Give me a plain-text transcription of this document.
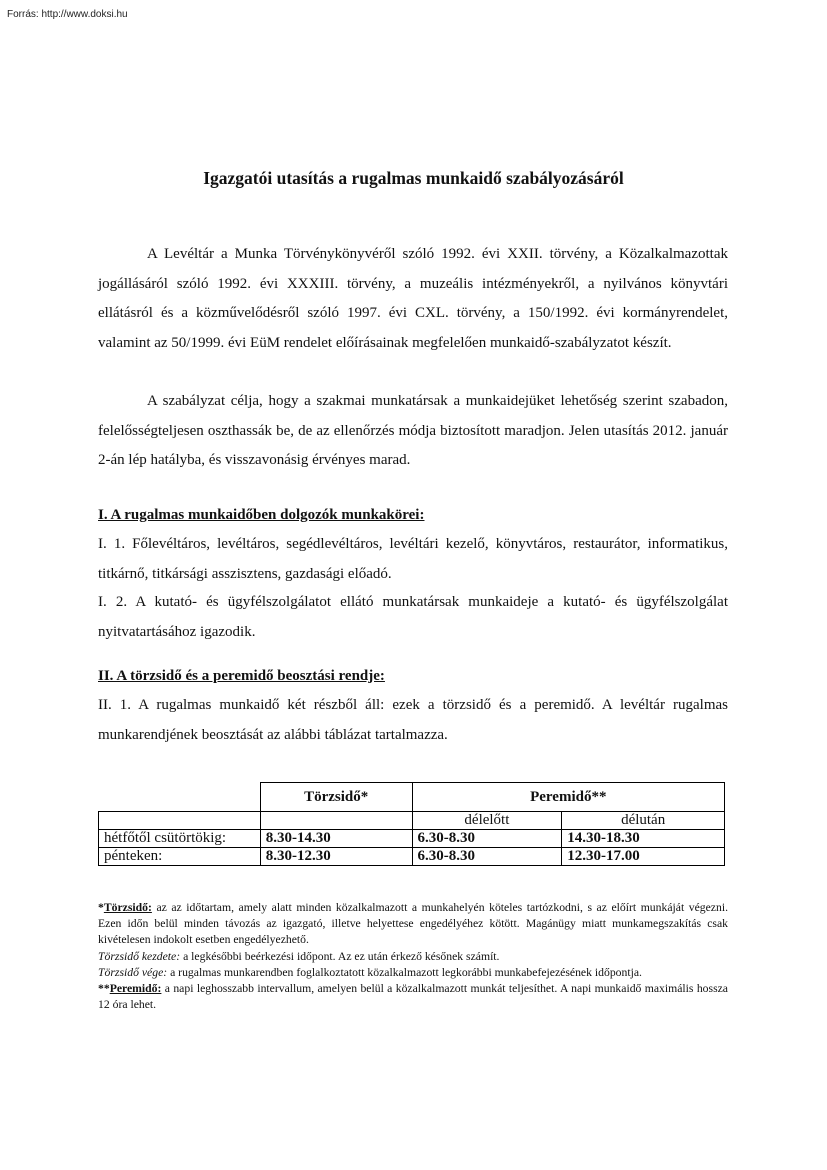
Forrás: http://www.doksi.hu
Igazgatói utasítás a rugalmas munkaidő szabályozásáról
A Levéltár a Munka Törvénykönyvéről szóló 1992. évi XXII. törvény, a Közalkalmazottak jogállásáról szóló 1992. évi XXXIII. törvény, a muzeális intézményekről, a nyilvános könyvtári ellátásról és a közművelődésről szóló 1997. évi CXL. törvény, a 150/1992. évi kormányrendelet, valamint az 50/1999. évi EüM rendelet előírásainak megfelelően munkaidő-szabályzatot készít.
A szabályzat célja, hogy a szakmai munkatársak a munkaidejüket lehetőség szerint szabadon, felelősségteljesen oszthassák be, de az ellenőrzés módja biztosított maradjon. Jelen utasítás 2012. január 2-án lép hatályba, és visszavonásig érvényes marad.
I. A rugalmas munkaidőben dolgozók munkakörei:
I. 1. Főlevéltáros, levéltáros, segédlevéltáros, levéltári kezelő, könyvtáros, restaurátor, informatikus, titkárnő, titkársági asszisztens, gazdasági előadó.
I. 2. A kutató- és ügyfélszolgálatot ellátó munkatársak munkaideje a kutató- és ügyfélszolgálat nyitvatartásához igazodik.
II. A törzsidő és a peremidő beosztási rendje:
II. 1. A rugalmas munkaidő két részből áll: ezek a törzsidő és a peremidő. A levéltár rugalmas munkarendjének beosztását az alábbi táblázat tartalmazza.
	Törzsidő*	Peremidő**	

		délelőtt	délután
hétfőtől csütörtökig:	8.30-14.30	6.30-8.30	14.30-18.30
pénteken:	8.30-12.30	6.30-8.30	12.30-17.00

*Törzsidő: az az időtartam, amely alatt minden közalkalmazott a munkahelyén köteles tartózkodni, s az előírt munkáját végezni. Ezen időn belül minden távozás az igazgató, illetve helyettese engedélyéhez kötött. Magánügy miatt munkamegszakítás csak kivételesen indokolt esetben engedélyezhető.

Törzsidő kezdete: a legkésőbbi beérkezési időpont. Az ez után érkező későnek számít.

Törzsidő vége: a rugalmas munkarendben foglalkoztatott közalkalmazott legkorábbi munkabefejezésének időpontja.

**Peremidő: a napi leghosszabb intervallum, amelyen belül a közalkalmazott munkát teljesíthet. A napi munkaidő maximális hossza 12 óra lehet.
